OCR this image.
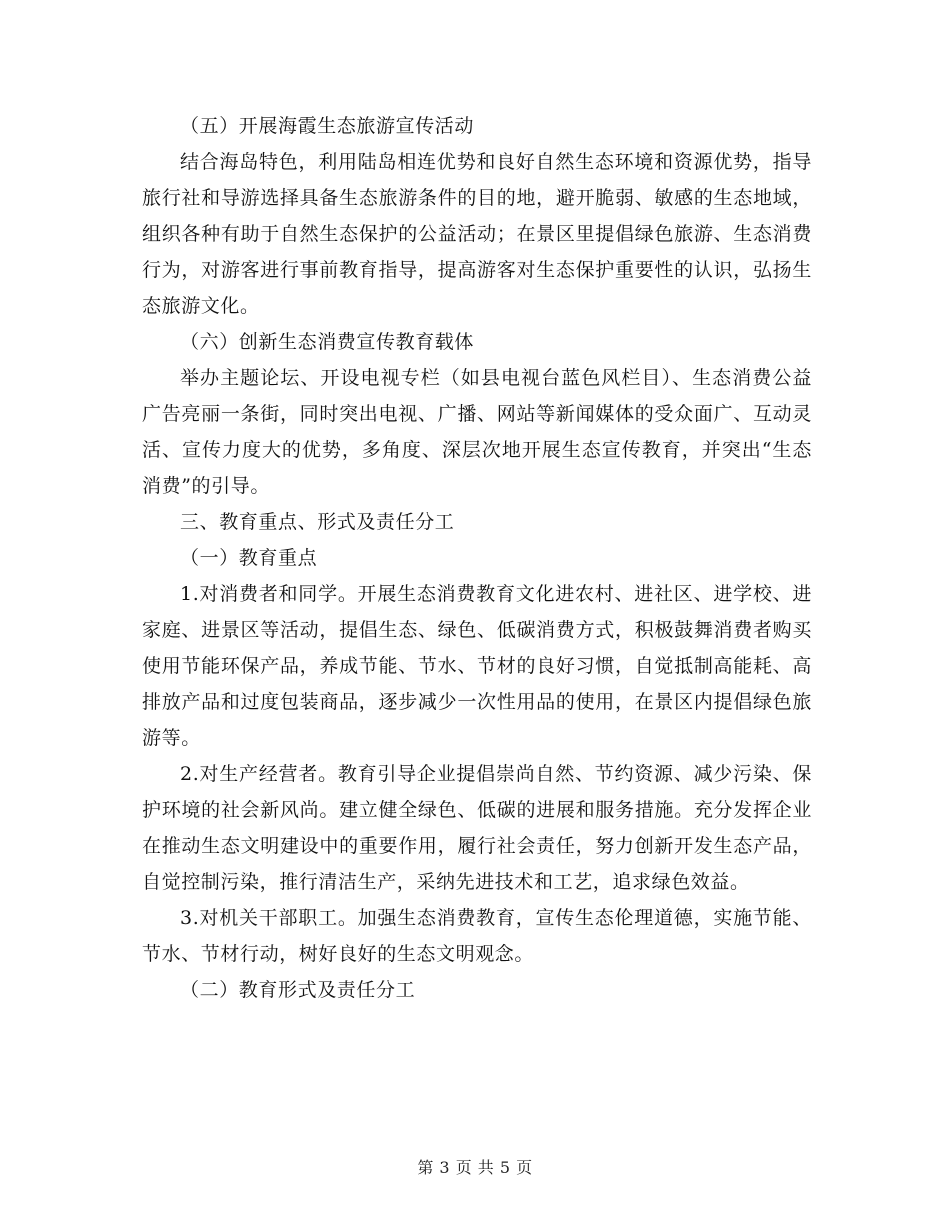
（五）开展海霞生态旅游宣传活动

结合海岛特色，利用陆岛相连优势和良好自然生态环境和资源优势，指导旅行社和导游选择具备生态旅游条件的目的地，避开脆弱、敏感的生态地域，组织各种有助于自然生态保护的公益活动；在景区里提倡绿色旅游、生态消费行为，对游客进行事前教育指导，提高游客对生态保护重要性的认识，弘扬生态旅游文化。

（六）创新生态消费宣传教育载体

举办主题论坛、开设电视专栏（如县电视台蓝色风栏目）、生态消费公益广告亮丽一条街，同时突出电视、广播、网站等新闻媒体的受众面广、互动灵活、宣传力度大的优势，多角度、深层次地开展生态宣传教育，并突出“生态消费”的引导。

三、教育重点、形式及责任分工

（一）教育重点

1.对消费者和同学。开展生态消费教育文化进农村、进社区、进学校、进家庭、进景区等活动，提倡生态、绿色、低碳消费方式，积极鼓舞消费者购买使用节能环保产品，养成节能、节水、节材的良好习惯，自觉抵制高能耗、高排放产品和过度包装商品，逐步减少一次性用品的使用，在景区内提倡绿色旅游等。

2.对生产经营者。教育引导企业提倡崇尚自然、节约资源、减少污染、保护环境的社会新风尚。建立健全绿色、低碳的进展和服务措施。充分发挥企业在推动生态文明建设中的重要作用，履行社会责任，努力创新开发生态产品，自觉控制污染，推行清洁生产，采纳先进技术和工艺，追求绿色效益。

3.对机关干部职工。加强生态消费教育，宣传生态伦理道德，实施节能、节水、节材行动，树好良好的生态文明观念。

（二）教育形式及责任分工

第 3 页 共 5 页
